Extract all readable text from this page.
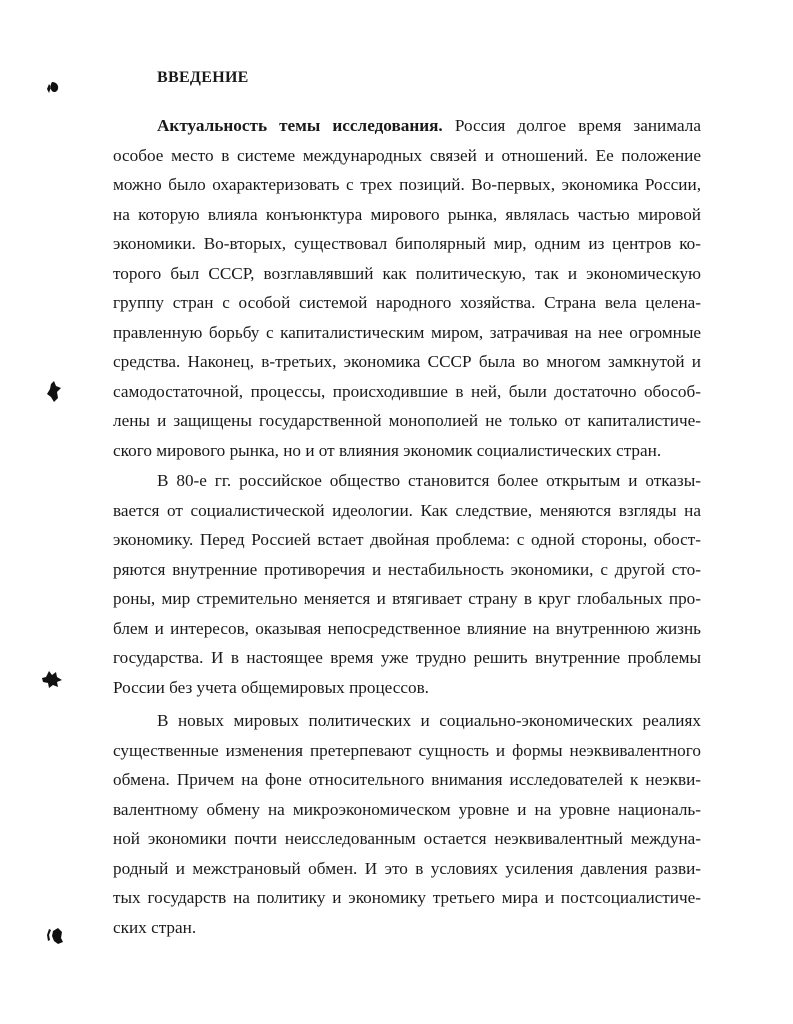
ВВЕДЕНИЕ
Актуальность темы исследования. Россия долгое время занимала
особое место в системе международных связей и отношений. Ее положение
можно было охарактеризовать с трех позиций. Во-первых, экономика России,
на которую влияла конъюнктура мирового рынка, являлась частью мировой
экономики. Во-вторых, существовал биполярный мир, одним из центров ко-
торого был СССР, возглавлявший как политическую, так и экономическую
группу стран с особой системой народного хозяйства. Страна вела целена-
правленную борьбу с капиталистическим миром, затрачивая на нее огромные
средства. Наконец, в-третьих, экономика СССР была во многом замкнутой и
самодостаточной, процессы, происходившие в ней, были достаточно обособ-
лены и защищены государственной монополией не только от капиталистиче-
ского мирового рынка, но и от влияния экономик социалистических стран.
В 80-е гг. российское общество становится более открытым и отказы-
вается от социалистической идеологии. Как следствие, меняются взгляды на
экономику. Перед Россией встает двойная проблема: с одной стороны, обост-
ряются внутренние противоречия и нестабильность экономики, с другой сто-
роны, мир стремительно меняется и втягивает страну в круг глобальных про-
блем и интересов, оказывая непосредственное влияние на внутреннюю жизнь
государства. И в настоящее время уже трудно решить внутренние проблемы
России без учета общемировых процессов.
В новых мировых политических и социально-экономических реалиях
существенные изменения претерпевают сущность и формы неэквивалентного
обмена. Причем на фоне относительного внимания исследователей к неэкви-
валентному обмену на микроэкономическом уровне и на уровне националь-
ной экономики почти неисследованным остается неэквивалентный междуна-
родный и межстрановый обмен. И это в условиях усиления давления разви-
тых государств на политику и экономику третьего мира и постсоциалистиче-
ских стран.
